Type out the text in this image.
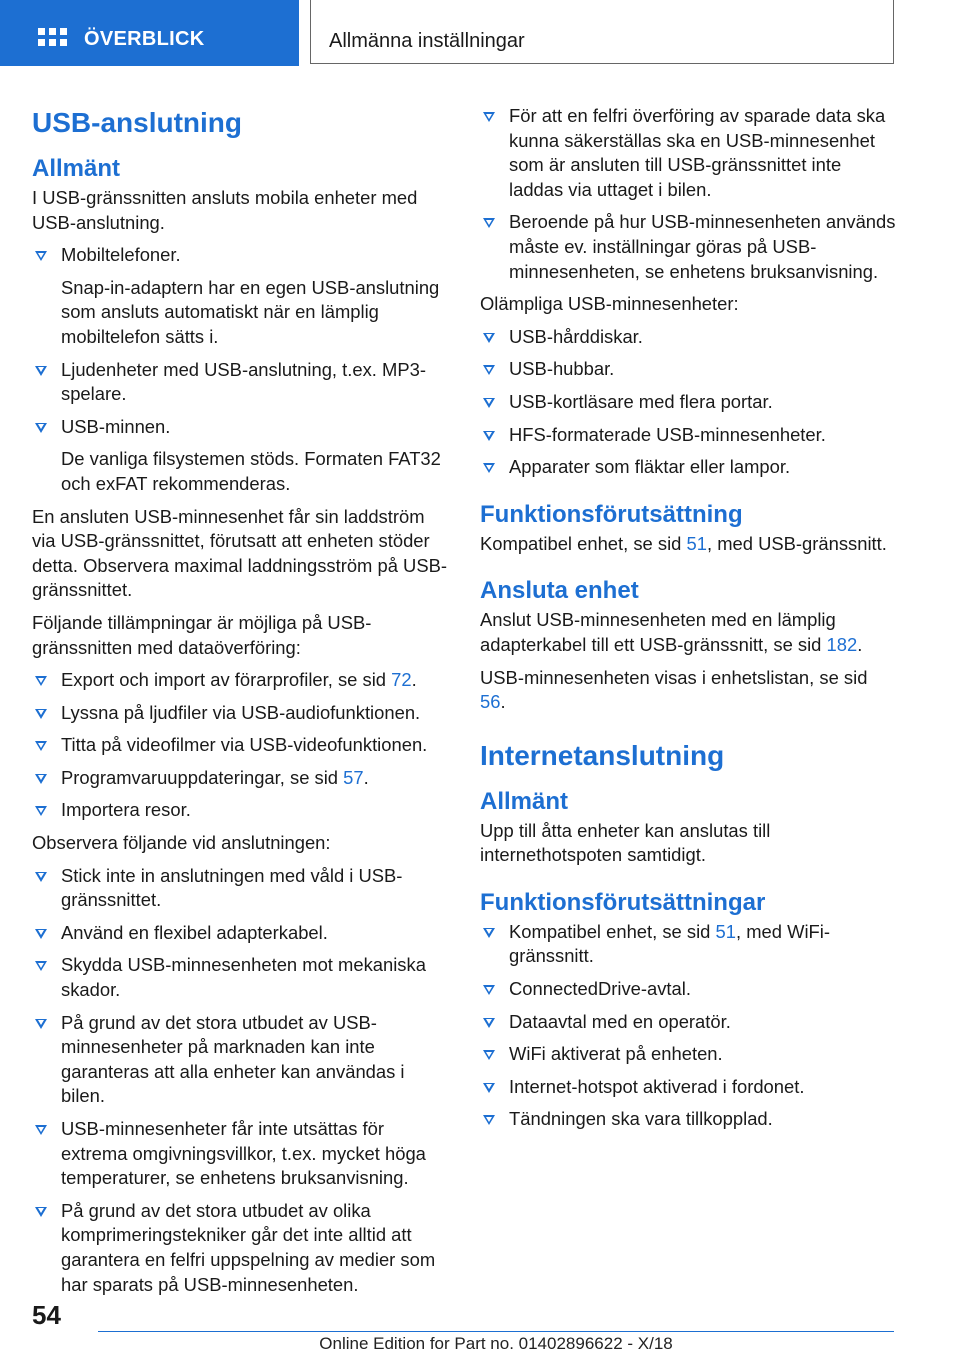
ÖVERBLICK	Allmänna inställningar
USB-anslutning
Allmänt

I USB-gränssnitten ansluts mobila enheter med USB-anslutning.

Mobiltelefoner.
Snap-in-adaptern har en egen USB-anslutning som ansluts automatiskt när en lämplig mobiltelefon sätts i.
Ljudenheter med USB-anslutning, t.ex. MP3-spelare.
USB-minnen.
De vanliga filsystemen stöds. Formaten FAT32 och exFAT rekommenderas.

En ansluten USB-minnesenhet får sin laddström via USB-gränssnittet, förutsatt att enheten stöder detta. Observera maximal laddningsström på USB-gränssnittet.

Följande tillämpningar är möjliga på USB-gränssnitten med dataöverföring:

Export och import av förarprofiler, se sid 72.
Lyssna på ljudfiler via USB-audiofunktionen.
Titta på videofilmer via USB-videofunktionen.
Programvaruuppdateringar, se sid 57.
Importera resor.

Observera följande vid anslutningen:

Stick inte in anslutningen med våld i USB-gränssnittet.
Använd en flexibel adapterkabel.
Skydda USB-minnesenheten mot mekaniska skador.
På grund av det stora utbudet av USB-minnesenheter på marknaden kan inte garanteras att alla enheter kan användas i bilen.
USB-minnesenheter får inte utsättas för extrema omgivningsvillkor, t.ex. mycket höga temperaturer, se enhetens bruksanvisning.
På grund av det stora utbudet av olika komprimeringstekniker går det inte alltid att garantera en felfri uppspelning av medier som har sparats på USB-minnesenheten.
För att en felfri överföring av sparade data ska kunna säkerställas ska en USB-minnesenhet som är ansluten till USB-gränssnittet inte laddas via uttaget i bilen.
Beroende på hur USB-minnesenheten används måste ev. inställningar göras på USB-minnesenheten, se enhetens bruksanvisning.

Olämpliga USB-minnesenheter:

USB-hårddiskar.
USB-hubbar.
USB-kortläsare med flera portar.
HFS-formaterade USB-minnesenheter.
Apparater som fläktar eller lampor.
Funktionsförutsättning

Kompatibel enhet, se sid 51, med USB-gränssnitt.

Ansluta enhet

Anslut USB-minnesenheten med en lämplig adapterkabel till ett USB-gränssnitt, se sid 182.

USB-minnesenheten visas i enhetslistan, se sid 56.

Internetanslutning
Allmänt

Upp till åtta enheter kan anslutas till internethotspoten samtidigt.

Funktionsförutsättningar
Kompatibel enhet, se sid 51, med WiFi-gränssnitt.
ConnectedDrive-avtal.
Dataavtal med en operatör.
WiFi aktiverat på enheten.
Internet-hotspot aktiverad i fordonet.
Tändningen ska vara tillkopplad.
54
Online Edition for Part no. 01402896622 - X/18
